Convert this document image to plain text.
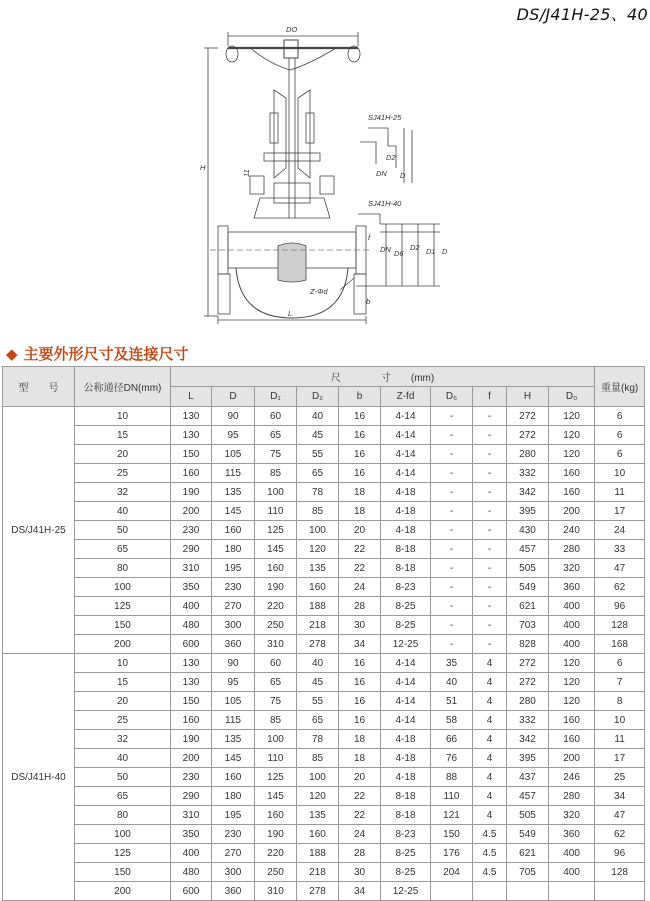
DS/J41H-25、40
DO
H
11
L
SJ41H-25
D2
DN D
SJ41H-40
DN D6
D2 D1 D
f
b
Z-Φd
◆ 主要外形尺寸及连接尺寸
型　　号	公称通径DN(mm)	尺　　　　寸　　(mm)										重量(kg)
		L	D	D₁	D₂	b	Z-fd	D₆	f	H	D₀	
DS/J41H-25	10	130	90	60	40	16	4-14	-	-	272	120	6
	15	130	95	65	45	16	4-14	-	-	272	120	6
	20	150	105	75	55	16	4-14	-	-	280	120	6
	25	160	115	85	65	16	4-14	-	-	332	160	10
	32	190	135	100	78	18	4-18	-	-	342	160	11
	40	200	145	110	85	18	4-18	-	-	395	200	17
	50	230	160	125	100	20	4-18	-	-	430	240	24
	65	290	180	145	120	22	8-18	-	-	457	280	33
	80	310	195	160	135	22	8-18	-	-	505	320	47
	100	350	230	190	160	24	8-23	-	-	549	360	62
	125	400	270	220	188	28	8-25	-	-	621	400	96
	150	480	300	250	218	30	8-25	-	-	703	400	128
	200	600	360	310	278	34	12-25	-	-	828	400	168
DS/J41H-40	10	130	90	60	40	16	4-14	35	4	272	120	6
	15	130	95	65	45	16	4-14	40	4	272	120	7
	20	150	105	75	55	16	4-14	51	4	280	120	8
	25	160	115	85	65	16	4-14	58	4	332	160	10
	32	190	135	100	78	18	4-18	66	4	342	160	11
	40	200	145	110	85	18	4-18	76	4	395	200	17
	50	230	160	125	100	20	4-18	88	4	437	246	25
	65	290	180	145	120	22	8-18	110	4	457	280	34
	80	310	195	160	135	22	8-18	121	4	505	320	47
	100	350	230	190	160	24	8-23	150	4.5	549	360	62
	125	400	270	220	188	28	8-25	176	4.5	621	400	96
	150	480	300	250	218	30	8-25	204	4.5	705	400	128
	200	600	360	310	278	34	12-25					
